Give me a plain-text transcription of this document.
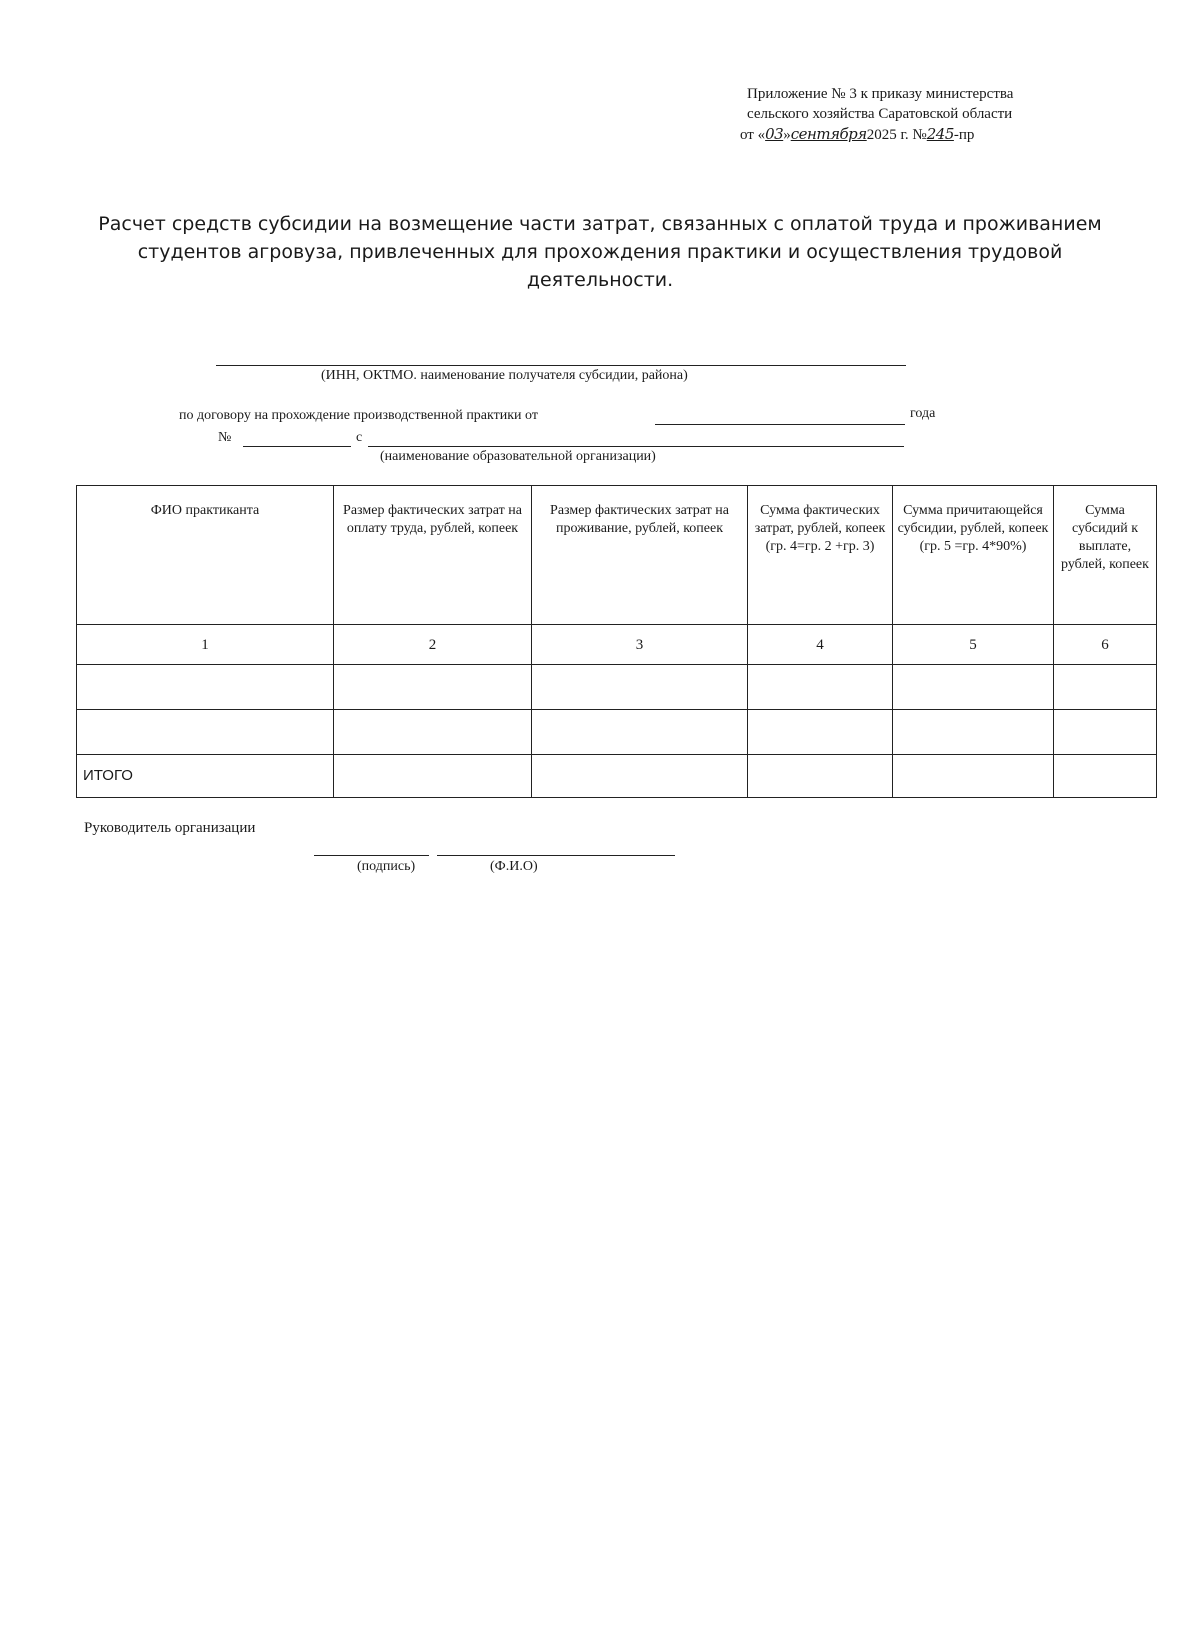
Приложение № 3 к приказу министерства
сельского хозяйства Саратовской области
от «03»сентября2025 г. №245-пр
Расчет средств субсидии на возмещение части затрат, связанных с оплатой труда и проживанием студентов агровуза, привлеченных для прохождения практики и осуществления трудовой деятельности.
(ИНН, ОКТМО. наименование получателя субсидии, района)
по договору на прохождение производственной практики от	года
№	с
(наименование образовательной организации)
ФИО практиканта	Размер фактических затрат на оплату труда, рублей, копеек	Размер фактических затрат на проживание, рублей, копеек	Сумма фактических затрат, рублей, копеек (гр. 4=гр. 2 +гр. 3)	Сумма причитающейся субсидии, рублей, копеек (гр. 5 =гр. 4*90%)	Сумма субсидий к выплате, рублей, копеек
1	2	3	4	5	6

ИТОГО					
Руководитель организации
(подпись)	(Ф.И.О)
